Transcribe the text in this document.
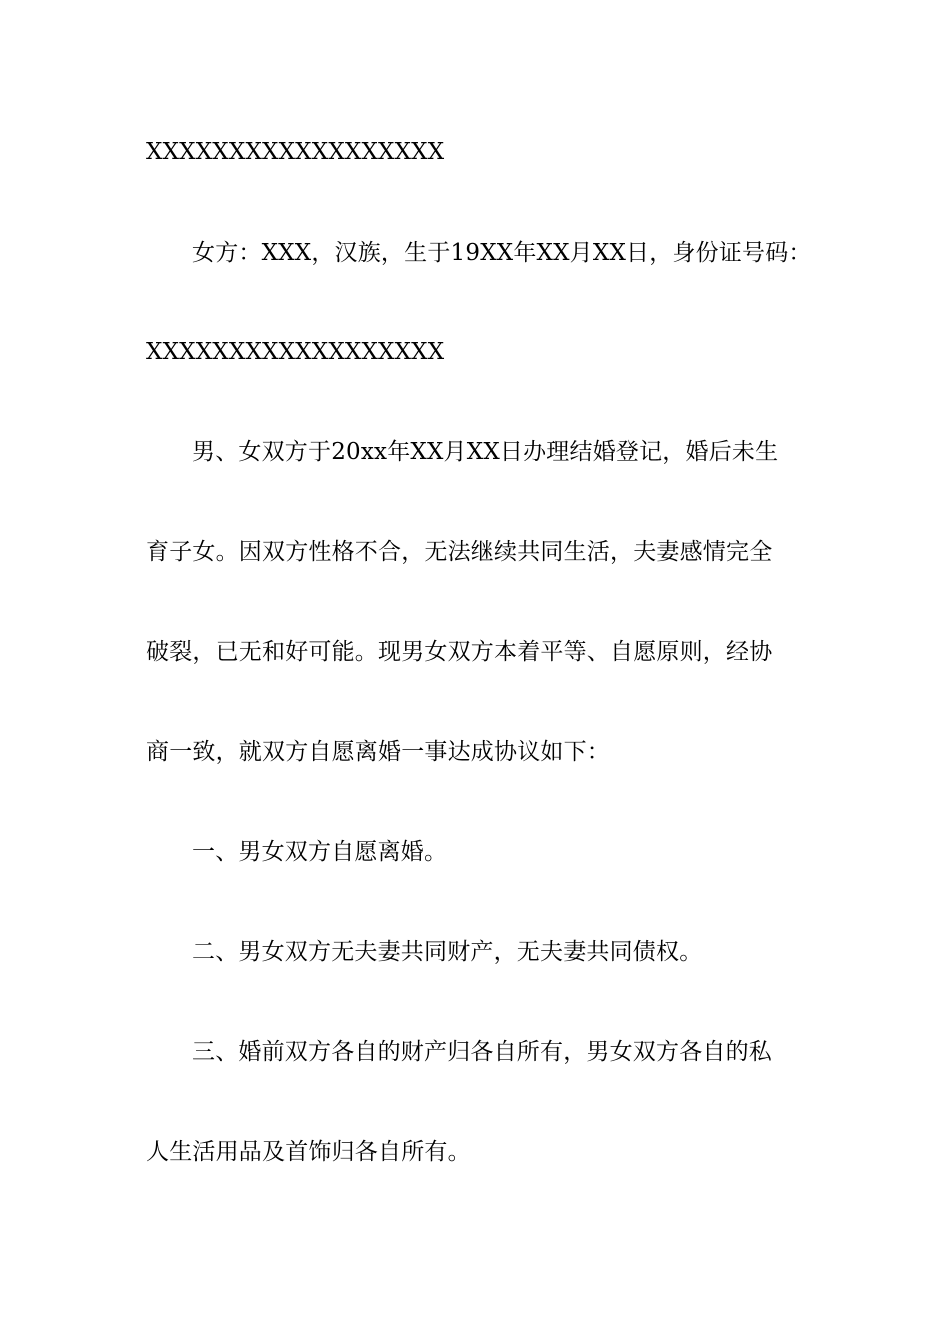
XXXXXXXXXXXXXXXXXX
女方：XXX，汉族，生于19XX年XX月XX日，身份证号码：
XXXXXXXXXXXXXXXXXX
男、女双方于20xx年XX月XX日办理结婚登记，婚后未生
育子女。因双方性格不合，无法继续共同生活，夫妻感情完全
破裂，已无和好可能。现男女双方本着平等、自愿原则，经协
商一致，就双方自愿离婚一事达成协议如下：
一、男女双方自愿离婚。
二、男女双方无夫妻共同财产，无夫妻共同债权。
三、婚前双方各自的财产归各自所有，男女双方各自的私
人生活用品及首饰归各自所有。
